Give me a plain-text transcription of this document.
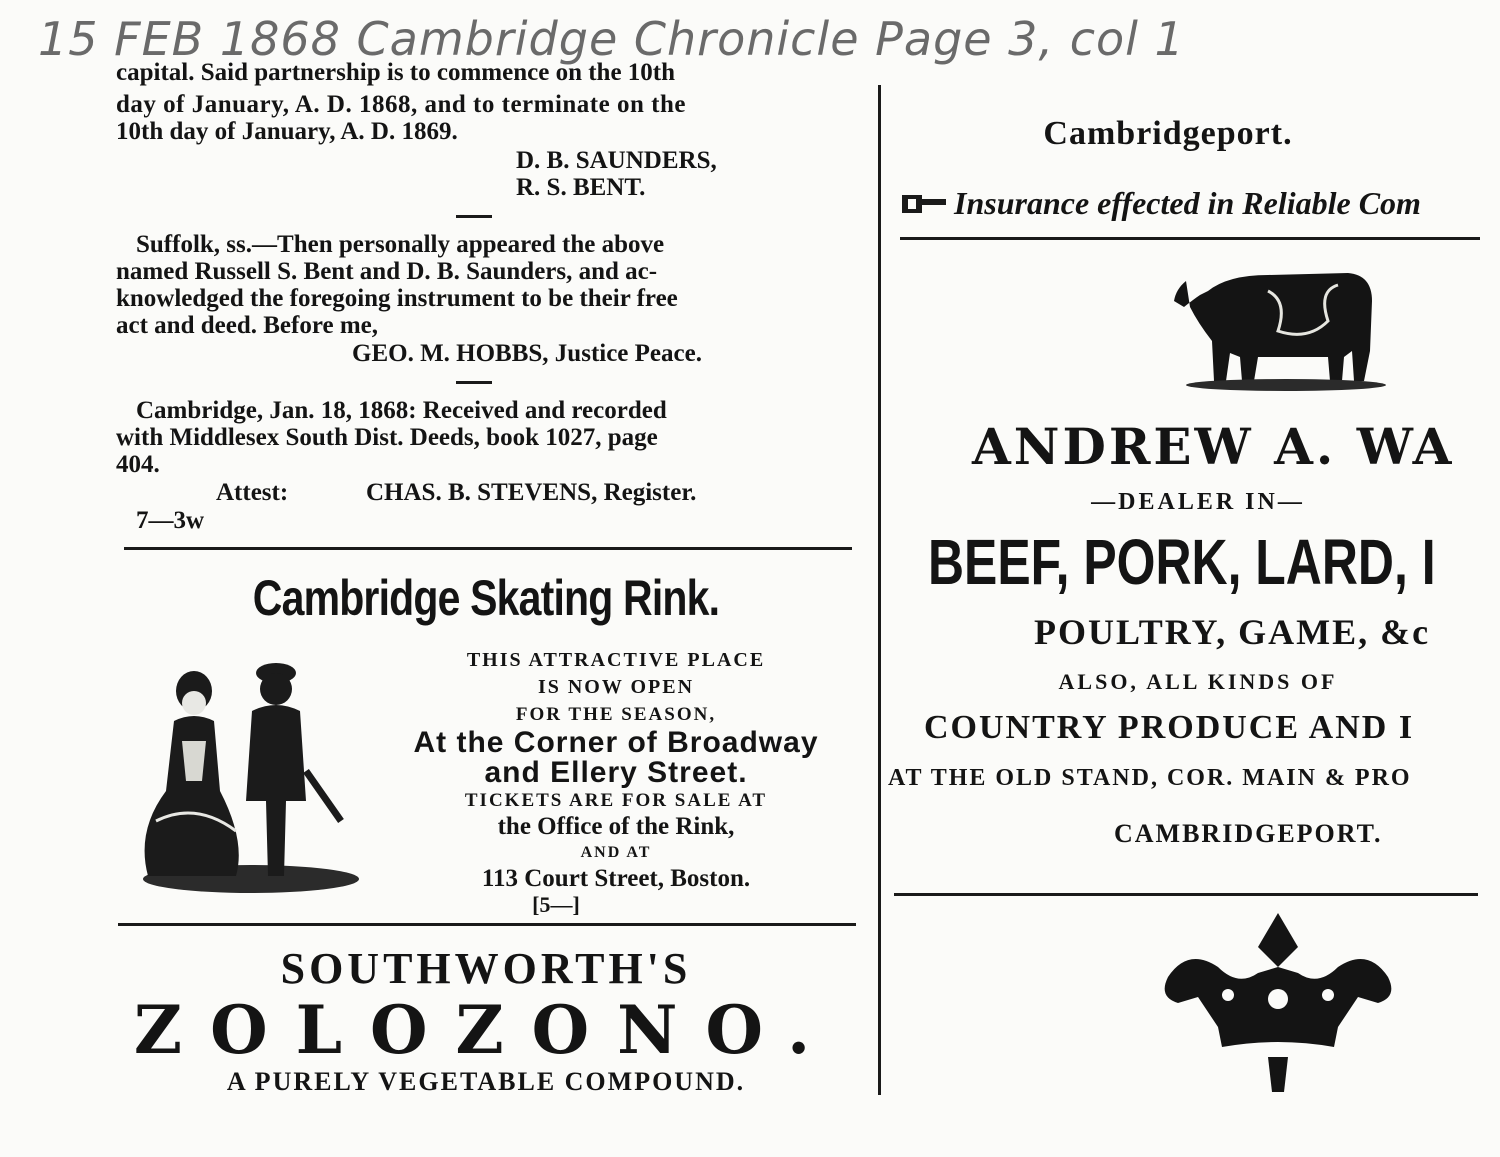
15 FEB 1868 Cambridge Chronicle Page 3, col 1
capital. Said partnership is to commence on the 10th
day of January, A. D. 1868, and to terminate on the
10th day of January, A. D. 1869.
D. B. SAUNDERS,
R. S. BENT.
Suffolk, ss.—Then personally appeared the above
named Russell S. Bent and D. B. Saunders, and ac-
knowledged the foregoing instrument to be their free
act and deed. Before me,
GEO. M. HOBBS, Justice Peace.
Cambridge, Jan. 18, 1868: Received and recorded
with Middlesex South Dist. Deeds, book 1027, page
404.
Attest:	CHAS. B. STEVENS, Register.
7—3w
Cambridge Skating Rink.

THIS ATTRACTIVE PLACE

IS NOW OPEN

FOR THE SEASON,

At the Corner of Broadway

and Ellery Street.

TICKETS ARE FOR SALE AT

the Office of the Rink,

AND AT

113 Court Street, Boston.

[5—]

SOUTHWORTH'S
ZOLOZONO.
A PURELY VEGETABLE COMPOUND.
Cambridgeport.
Insurance effected in Reliable Com
ANDREW A. WA
—DEALER IN—
BEEF, PORK, LARD, I
POULTRY, GAME, &c
ALSO, ALL KINDS OF
COUNTRY PRODUCE AND I
AT THE OLD STAND, COR. MAIN & PRO
CAMBRIDGEPORT.
